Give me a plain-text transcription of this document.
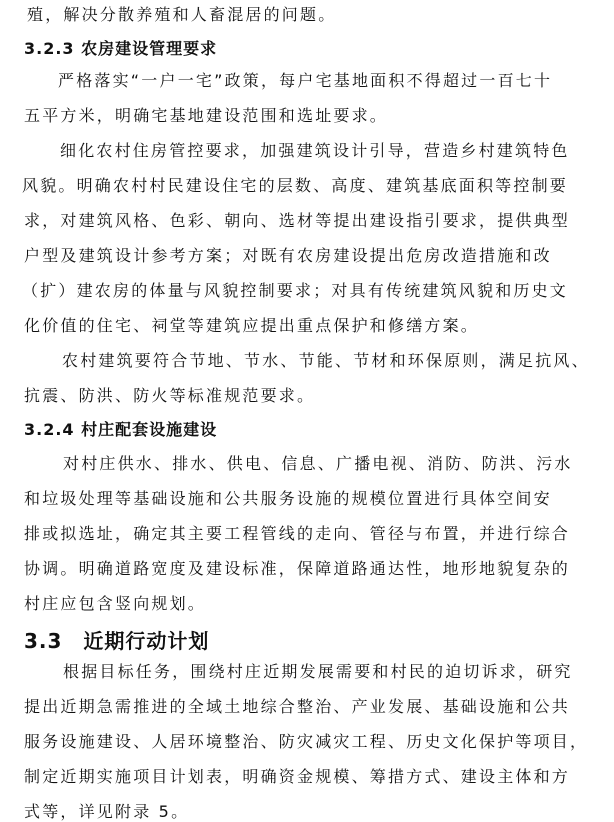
殖，解决分散养殖和人畜混居的问题。
3.2.3 农房建设管理要求
严格落实“一户一宅”政策，每户宅基地面积不得超过一百七十
五平方米，明确宅基地建设范围和选址要求。
细化农村住房管控要求，加强建筑设计引导，营造乡村建筑特色
风貌。明确农村村民建设住宅的层数、高度、建筑基底面积等控制要
求，对建筑风格、色彩、朝向、选材等提出建设指引要求，提供典型
户型及建筑设计参考方案；对既有农房建设提出危房改造措施和改
（扩）建农房的体量与风貌控制要求；对具有传统建筑风貌和历史文
化价值的住宅、祠堂等建筑应提出重点保护和修缮方案。
农村建筑要符合节地、节水、节能、节材和环保原则，满足抗风、
抗震、防洪、防火等标准规范要求。
3.2.4 村庄配套设施建设
对村庄供水、排水、供电、信息、广播电视、消防、防洪、污水
和垃圾处理等基础设施和公共服务设施的规模位置进行具体空间安
排或拟选址，确定其主要工程管线的走向、管径与布置，并进行综合
协调。明确道路宽度及建设标准，保障道路通达性，地形地貌复杂的
村庄应包含竖向规划。
3.3　近期行动计划
根据目标任务，围绕村庄近期发展需要和村民的迫切诉求，研究
提出近期急需推进的全域土地综合整治、产业发展、基础设施和公共
服务设施建设、人居环境整治、防灾减灾工程、历史文化保护等项目，
制定近期实施项目计划表，明确资金规模、筹措方式、建设主体和方
式等，详见附录 5。
